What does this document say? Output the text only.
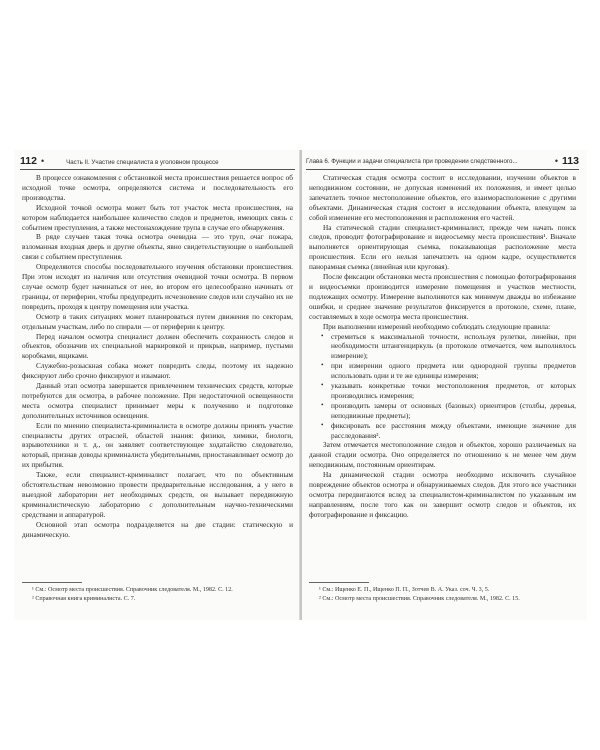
112 •	Часть II. Участие специалиста в уголовном процессе

В процессе ознакомления с обстановкой места происшествия решается вопрос об исходной точке осмотра, определяются система и последовательность его производства.

Исходной точкой осмотра может быть тот участок места происшествия, на котором наблюдается наибольшее количество следов и предметов, имеющих связь с событием преступления, а также местонахождение трупа в случае его обнаружения.

В ряде случаев такая точка осмотра очевидна — это труп, очаг пожара, взломанная входная дверь и другие объекты, явно свидетельствующие о наибольшей связи с событием преступления.

Определяются способы последовательного изучения обстановки происшествия. При этом исходят из наличия или отсутствия очевидной точки осмотра. В первом случае осмотр будет начинаться от нее, во втором его целесообразно начинать от границы, от периферии, чтобы предупредить исчезновение следов или случайно их не повредить, проходя к центру помещения или участка.

Осмотр в таких ситуациях может планироваться путем движения по секторам, отдельным участкам, либо по спирали — от периферии к центру.

Перед началом осмотра специалист должен обеспечить сохранность следов и объектов, обозначив их специальной маркировкой и прикрыв, например, пустыми коробками, ящиками.

Служебно-розыскная собака может повредить следы, поэтому их надежно фиксируют либо срочно фиксируют и изымают.

Данный этап осмотра завершается привлечением технических средств, которые потребуются для осмотра, в рабочее положение. При недостаточной освещенности места осмотра специалист принимает меры к получению и подготовке дополнительных источников освещения.

Если по мнению специалиста-криминалиста в осмотре должны принять участие специалисты других отраслей, областей знания: физики, химики, биологи, взрывотехники и т. д., он заявляет соответствующее ходатайство следователю, который, признав доводы криминалиста убедительными, приостанавливает осмотр до их прибытия.

Также, если специалист-криминалист полагает, что по объективным обстоятельствам невозможно провести предварительные исследования, а у него в выездной лаборатории нет необходимых средств, он вызывает передвижную криминалистическую лабораторию с дополнительным научно-техническими средствами и аппаратурой.

Основной этап осмотра подразделяется на две стадии: статическую и динамическую.

¹ См.: Осмотр места происшествия. Справочник следователя. М., 1982. С. 12.

² Справочная книга криминалиста. С. 7.

Глава 6. Функции и задачи специалиста при проведении следственного...	• 113

Статическая стадия осмотра состоит в исследовании, изучении объектов в неподвижном состоянии, не допуская изменений их положения, и имеет целью запечатлеть точное местоположение объектов, его взаиморасположение с другими объектами. Динамическая стадия состоит в исследовании объекта, влекущем за собой изменение его местоположения и расположения его частей.

На статической стадии специалист-криминалист, прежде чем начать поиск следов, проводит фотографирование и видеосъемку места происшествия¹. Вначале выполняется ориентирующая съемка, показывающая расположение места происшествия. Если его нельзя запечатлеть на одном кадре, осуществляется панорамная съемка (линейная или круговая).

После фиксации обстановки места происшествия с помощью фотографирования и видеосъемки производится измерение помещения и участков местности, подлежащих осмотру. Измерение выполняются как минимум дважды во избежание ошибки, и среднее значение результатов фиксируется в протоколе, схеме, плане, составляемых в ходе осмотра места происшествия.

При выполнении измерений необходимо соблюдать следующие правила:

• стремиться к максимальной точности, используя рулетки, линейки, при необходимости штангенциркуль (в протоколе отмечается, чем выполнялось измерение);
• при измерении одного предмета или однородной группы предметов использовать одни и те же единицы измерения;
• указывать конкретные точки местоположения предметов, от которых производились измерения;
• производить замеры от основных (базовых) ориентиров (столбы, деревья, неподвижные предметы);
• фиксировать все расстояния между объектами, имеющие значение для расследования².

Затем отмечается местоположение следов и объектов, хорошо различаемых на данной стадии осмотра. Оно определяется по отношению к не менее чем двум неподвижным, постоянным ориентирам.

На динамической стадии осмотра необходимо исключить случайное повреждение объектов осмотра и обнаруживаемых следов. Для этого все участники осмотра передвигаются вслед за специалистом-криминалистом по указанным им направлениям, после того как он завершит осмотр следов и объектов, их фотографирование и фиксацию.

¹ См.: Ищенко Е. П., Ищенко П. П., Зотчев В. А. Указ. соч. Ч. 3, 5.

² См.: Осмотр места происшествия. Справочник следователя. М., 1982. С. 15.
